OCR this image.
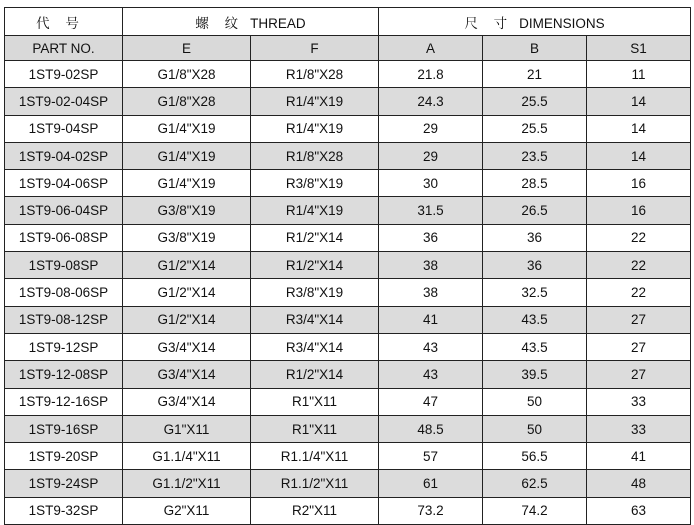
代 号	螺 纹 THREAD		尺 寸 DIMENSIONS		
PART NO.	E	F	A	B	S1
1ST9-02SP	G1/8"X28	R1/8"X28	21.8	21	11
1ST9-02-04SP	G1/8"X28	R1/4"X19	24.3	25.5	14
1ST9-04SP	G1/4"X19	R1/4"X19	29	25.5	14
1ST9-04-02SP	G1/4"X19	R1/8"X28	29	23.5	14
1ST9-04-06SP	G1/4"X19	R3/8"X19	30	28.5	16
1ST9-06-04SP	G3/8"X19	R1/4"X19	31.5	26.5	16
1ST9-06-08SP	G3/8"X19	R1/2"X14	36	36	22
1ST9-08SP	G1/2"X14	R1/2"X14	38	36	22
1ST9-08-06SP	G1/2"X14	R3/8"X19	38	32.5	22
1ST9-08-12SP	G1/2"X14	R3/4"X14	41	43.5	27
1ST9-12SP	G3/4"X14	R3/4"X14	43	43.5	27
1ST9-12-08SP	G3/4"X14	R1/2"X14	43	39.5	27
1ST9-12-16SP	G3/4"X14	R1"X11	47	50	33
1ST9-16SP	G1"X11	R1"X11	48.5	50	33
1ST9-20SP	G1.1/4"X11	R1.1/4"X11	57	56.5	41
1ST9-24SP	G1.1/2"X11	R1.1/2"X11	61	62.5	48
1ST9-32SP	G2"X11	R2"X11	73.2	74.2	63
